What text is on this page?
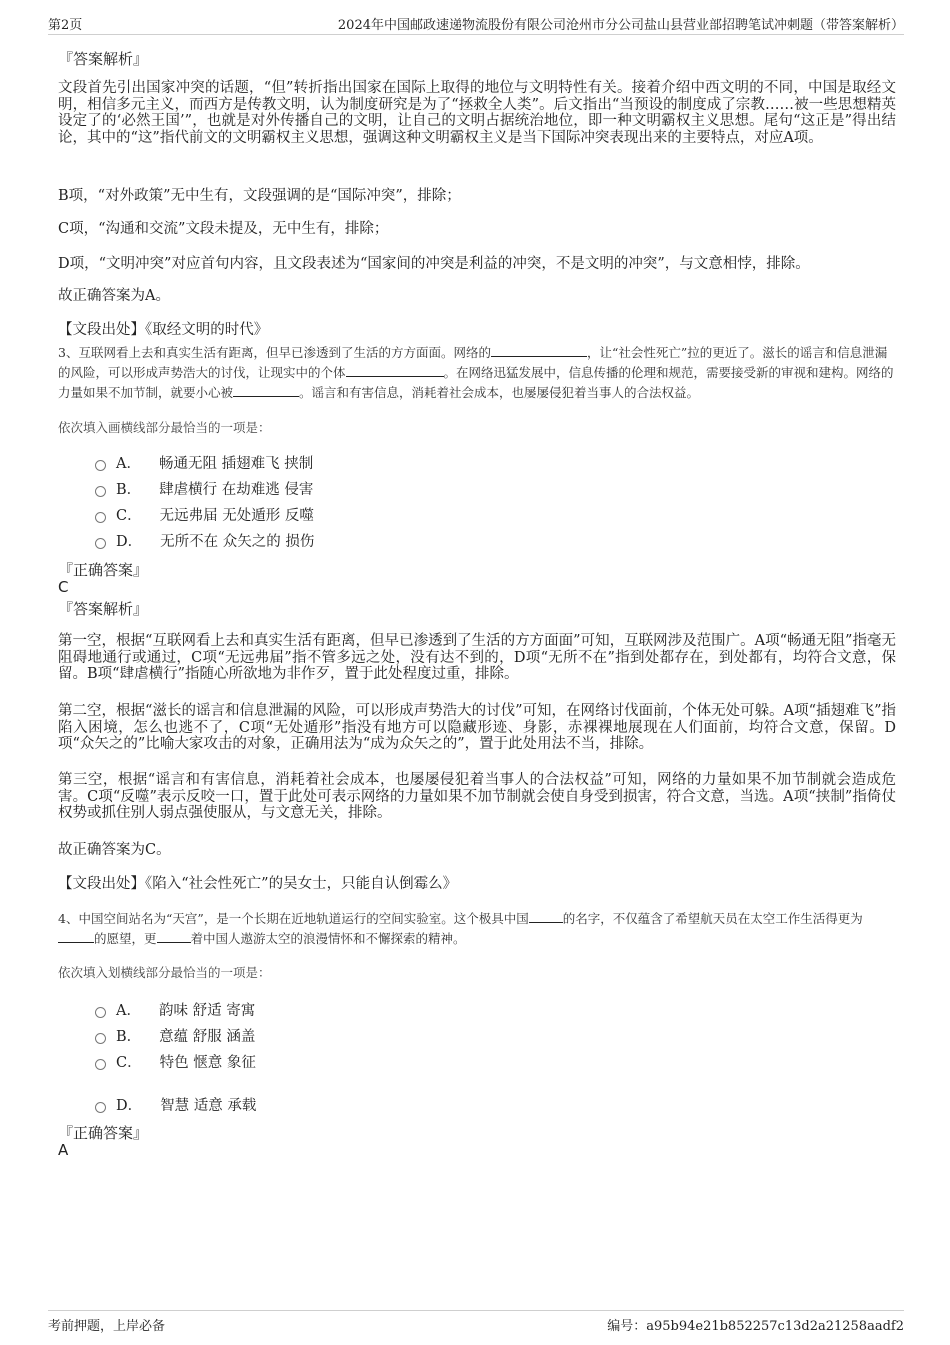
第2页	2024年中国邮政速递物流股份有限公司沧州市分公司盐山县营业部招聘笔试冲刺题（带答案解析）
『答案解析』
文段首先引出国家冲突的话题，“但”转折指出国家在国际上取得的地位与文明特性有关。接着介绍中西文明的不同，中国是取经文明，相信多元主义，而西方是传教文明，认为制度研究是为了“拯救全人类”。后文指出“当预设的制度成了宗教……被一些思想精英设定了的‘必然王国’”，也就是对外传播自己的文明，让自己的文明占据统治地位，即一种文明霸权主义思想。尾句“这正是”得出结论，其中的“这”指代前文的文明霸权主义思想，强调这种文明霸权主义是当下国际冲突表现出来的主要特点，对应A项。
B项，“对外政策”无中生有，文段强调的是“国际冲突”，排除；
C项，“沟通和交流”文段未提及，无中生有，排除；
D项，“文明冲突”对应首句内容，且文段表述为“国家间的冲突是利益的冲突，不是文明的冲突”，与文意相悖，排除。
故正确答案为A。
【文段出处】《取经文明的时代》
3、互联网看上去和真实生活有距离，但早已渗透到了生活的方方面面。网络的	，让“社会性死亡”拉的更近了。滋长的谣言和信息泄漏的风险，可以形成声势浩大的讨伐，让现实中的个体	。在网络迅猛发展中，信息传播的伦理和规范，需要接受新的审视和建构。网络的力量如果不加节制，就要小心被	。谣言和有害信息，消耗着社会成本，也屡屡侵犯着当事人的合法权益。
依次填入画横线部分最恰当的一项是：
A． 畅通无阻 插翅难飞 挟制
B． 肆虐横行 在劫难逃 侵害
C． 无远弗届 无处遁形 反噬
D． 无所不在 众矢之的 损伤
『正确答案』
C
『答案解析』
第一空，根据“互联网看上去和真实生活有距离，但早已渗透到了生活的方方面面”可知，互联网涉及范围广。A项“畅通无阻”指毫无阻碍地通行或通过，C项“无远弗届”指不管多远之处，没有达不到的，D项“无所不在”指到处都存在，到处都有，均符合文意，保留。B项“肆虐横行”指随心所欲地为非作歹，置于此处程度过重，排除。
第二空，根据“滋长的谣言和信息泄漏的风险，可以形成声势浩大的讨伐”可知，在网络讨伐面前，个体无处可躲。A项“插翅难飞”指陷入困境，怎么也逃不了，C项“无处遁形”指没有地方可以隐藏形迹、身影，赤裸裸地展现在人们面前，均符合文意，保留。D项“众矢之的”比喻大家攻击的对象，正确用法为“成为众矢之的”，置于此处用法不当，排除。
第三空，根据“谣言和有害信息，消耗着社会成本，也屡屡侵犯着当事人的合法权益”可知，网络的力量如果不加节制就会造成危害。C项“反噬”表示反咬一口，置于此处可表示网络的力量如果不加节制就会使自身受到损害，符合文意，当选。A项“挟制”指倚仗权势或抓住别人弱点强使服从，与文意无关，排除。
故正确答案为C。
【文段出处】《陷入“社会性死亡”的吴女士，只能自认倒霉么》
4、中国空间站名为“天宫”，是一个长期在近地轨道运行的空间实验室。这个极具中国	的名字，不仅蕴含了希望航天员在太空工作生活得更为的愿望，更	着中国人遨游太空的浪漫情怀和不懈探索的精神。
依次填入划横线部分最恰当的一项是：
A． 韵味 舒适 寄寓
B． 意蕴 舒服 涵盖
C． 特色 惬意 象征
D． 智慧 适意 承载
『正确答案』
A
考前押题，上岸必备	编号：a95b94e21b852257c13d2a21258aadf2
